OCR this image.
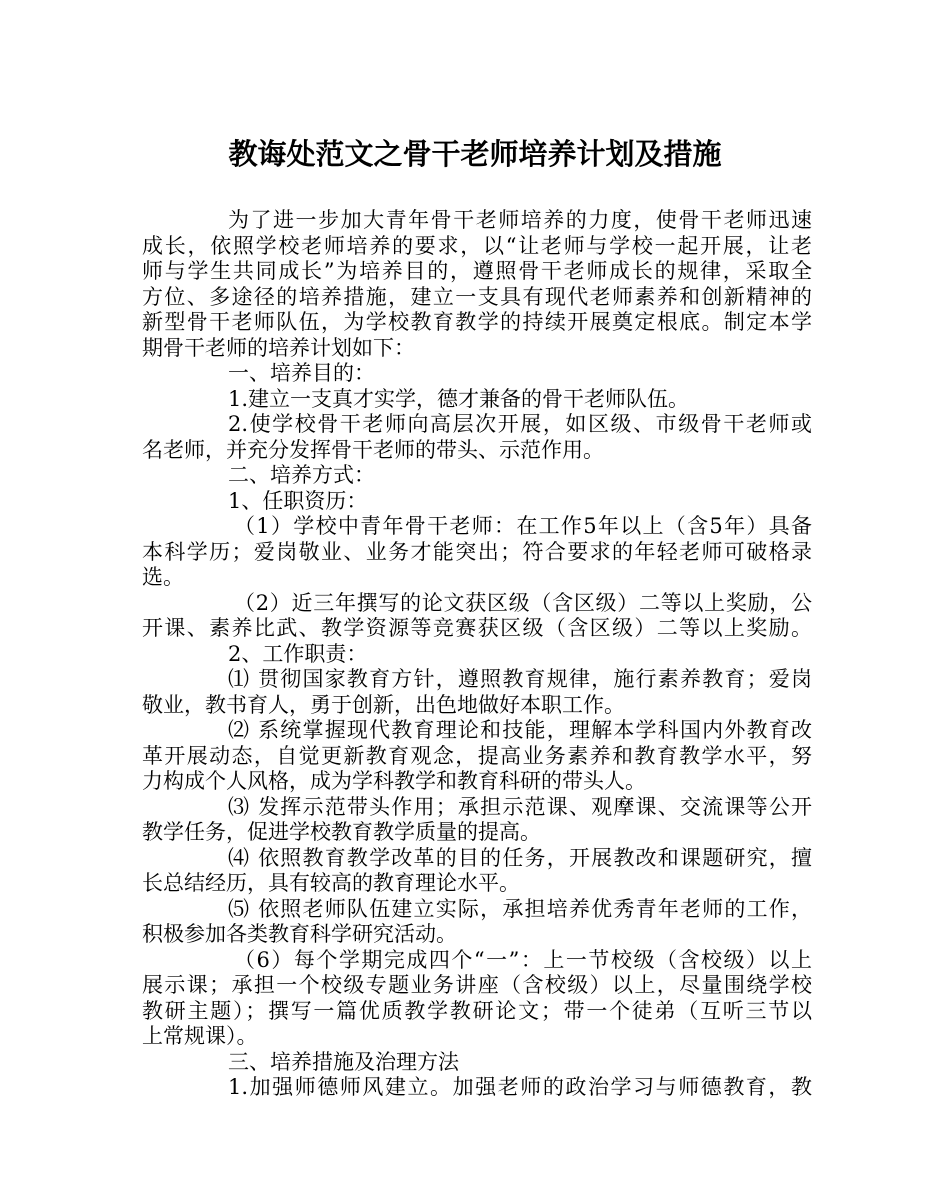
教诲处范文之骨干老师培养计划及措施
为了进一步加大青年骨干老师培养的力度，使骨干老师迅速
成长，依照学校老师培养的要求，以“让老师与学校一起开展，让老
师与学生共同成长”为培养目的，遵照骨干老师成长的规律，采取全
方位、多途径的培养措施，建立一支具有现代老师素养和创新精神的
新型骨干老师队伍，为学校教育教学的持续开展奠定根底。制定本学
期骨干老师的培养计划如下：
一、培养目的：
1.建立一支真才实学，德才兼备的骨干老师队伍。
2.使学校骨干老师向高层次开展，如区级、市级骨干老师或
名老师，并充分发挥骨干老师的带头、示范作用。
二、培养方式：
1、任职资历：
（1）学校中青年骨干老师：在工作5年以上（含5年）具备
本科学历；爱岗敬业、业务才能突出；符合要求的年轻老师可破格录
选。
（2）近三年撰写的论文获区级（含区级）二等以上奖励，公
开课、素养比武、教学资源等竞赛获区级（含区级）二等以上奖励。
2、工作职责：
⑴ 贯彻国家教育方针，遵照教育规律，施行素养教育；爱岗
敬业，教书育人，勇于创新，出色地做好本职工作。
⑵ 系统掌握现代教育理论和技能，理解本学科国内外教育改
革开展动态，自觉更新教育观念，提高业务素养和教育教学水平，努
力构成个人风格，成为学科教学和教育科研的带头人。
⑶ 发挥示范带头作用；承担示范课、观摩课、交流课等公开
教学任务，促进学校教育教学质量的提高。
⑷ 依照教育教学改革的目的任务，开展教改和课题研究，擅
长总结经历，具有较高的教育理论水平。
⑸ 依照老师队伍建立实际，承担培养优秀青年老师的工作，
积极参加各类教育科学研究活动。
（6）每个学期完成四个“一”：上一节校级（含校级）以上
展示课；承担一个校级专题业务讲座（含校级）以上，尽量围绕学校
教研主题）；撰写一篇优质教学教研论文；带一个徒弟（互听三节以
上常规课）。
三、培养措施及治理方法
1.加强师德师风建立。加强老师的政治学习与师德教育，教
